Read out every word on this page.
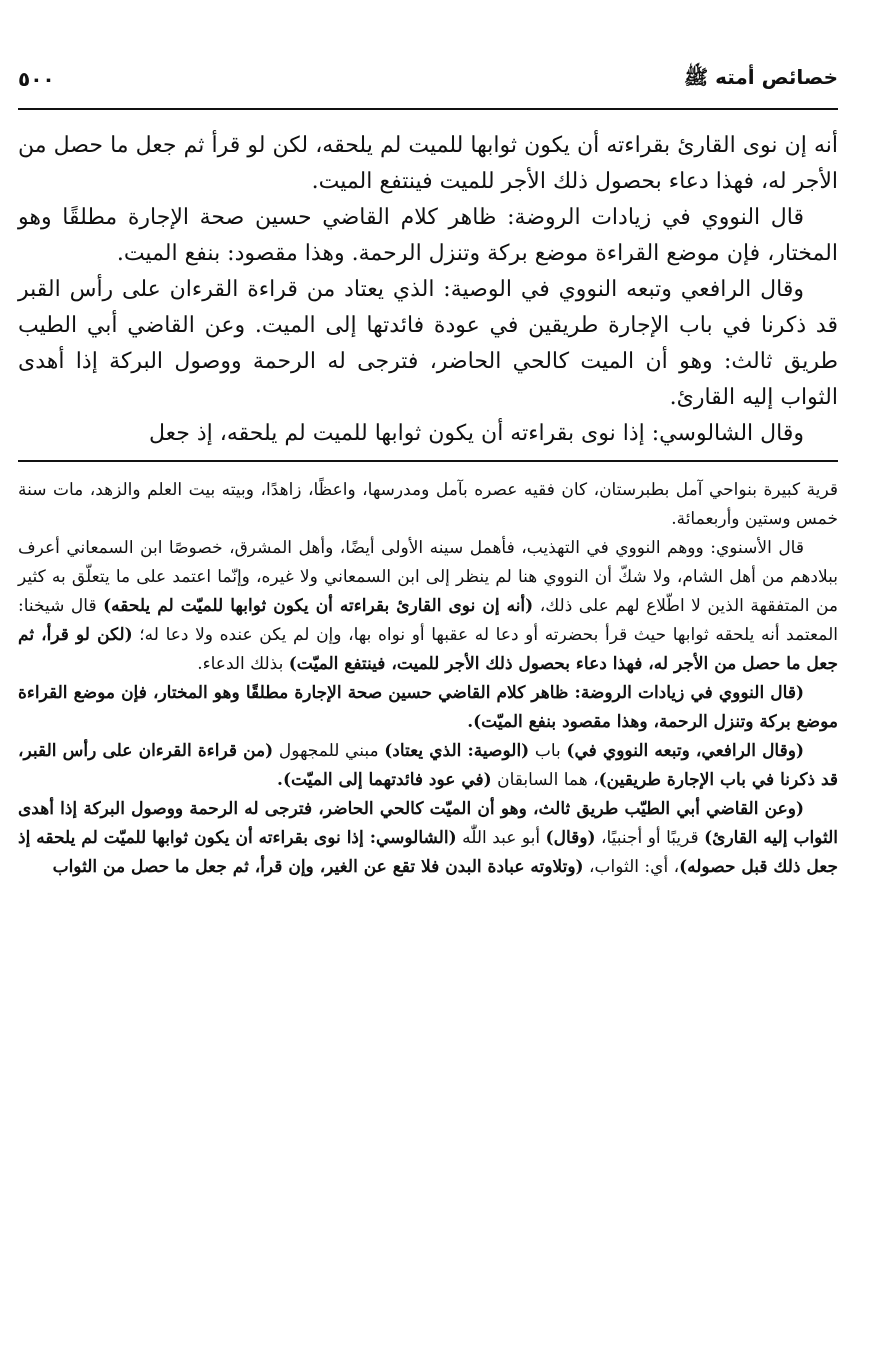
خصائص أمته ﷺ
٥٠٠

أنه إن نوى القارئ بقراءته أن يكون ثوابها للميت لم يلحقه، لكن لو قرأ ثم جعل ما حصل من الأجر له، فهذا دعاء بحصول ذلك الأجر للميت فينتفع الميت.

قال النووي في زيادات الروضة: ظاهر كلام القاضي حسين صحة الإجارة مطلقًا وهو المختار، فإن موضع القراءة موضع بركة وتنزل الرحمة. وهذا مقصود: بنفع الميت.

وقال الرافعي وتبعه النووي في الوصية: الذي يعتاد من قراءة القرءان على رأس القبر قد ذكرنا في باب الإجارة طريقين في عودة فائدتها إلى الميت. وعن القاضي أبي الطيب طريق ثالث: وهو أن الميت كالحي الحاضر، فترجى له الرحمة ووصول البركة إذا أهدى الثواب إليه القارئ.

وقال الشالوسي: إذا نوى بقراءته أن يكون ثوابها للميت لم يلحقه، إذ جعل

قرية كبيرة بنواحي آمل بطبرستان، كان فقيه عصره بآمل ومدرسها، واعظًا، زاهدًا، وبيته بيت العلم والزهد، مات سنة خمس وستين وأربعمائة.

قال الأسنوي: ووهم النووي في التهذيب، فأهمل سينه الأولى أيضًا، وأهل المشرق، خصوصًا ابن السمعاني أعرف ببلادهم من أهل الشام، ولا شكّ أن النووي هنا لم ينظر إلى ابن السمعاني ولا غيره، وإنّما اعتمد على ما يتعلّق به كثير من المتفقهة الذين لا اطّلاع لهم على ذلك، (أنه إن نوى القارئ بقراءته أن يكون ثوابها للميّت لم يلحقه) قال شيخنا: المعتمد أنه يلحقه ثوابها حيث قرأ بحضرته أو دعا له عقبها أو نواه بها، وإن لم يكن عنده ولا دعا له؛ (لكن لو قرأ، ثم جعل ما حصل من الأجر له، فهذا دعاء بحصول ذلك الأجر للميت، فينتفع الميّت) بذلك الدعاء.

(قال النووي في زيادات الروضة: ظاهر كلام القاضي حسين صحة الإجارة مطلقًا وهو المختار، فإن موضع القراءة موضع بركة وتنزل الرحمة، وهذا مقصود بنفع الميّت).

(وقال الرافعي، وتبعه النووي في) باب (الوصية: الذي يعتاد) مبني للمجهول (من قراءة القرءان على رأس القبر، قد ذكرنا في باب الإجارة طريقين)، هما السابقان (في عود فائدتهما إلى الميّت).

(وعن القاضي أبي الطيّب طريق ثالث، وهو أن الميّت كالحي الحاضر، فترجى له الرحمة ووصول البركة إذا أهدى الثواب إليه القارئ) قريبًا أو أجنبيًا، (وقال) أبو عبد اللّٰه (الشالوسي: إذا نوى بقراءته أن يكون ثوابها للميّت لم يلحقه إذ جعل ذلك قبل حصوله)، أي: الثواب، (وتلاوته عبادة البدن فلا تقع عن الغير، وإن قرأ، ثم جعل ما حصل من الثواب
